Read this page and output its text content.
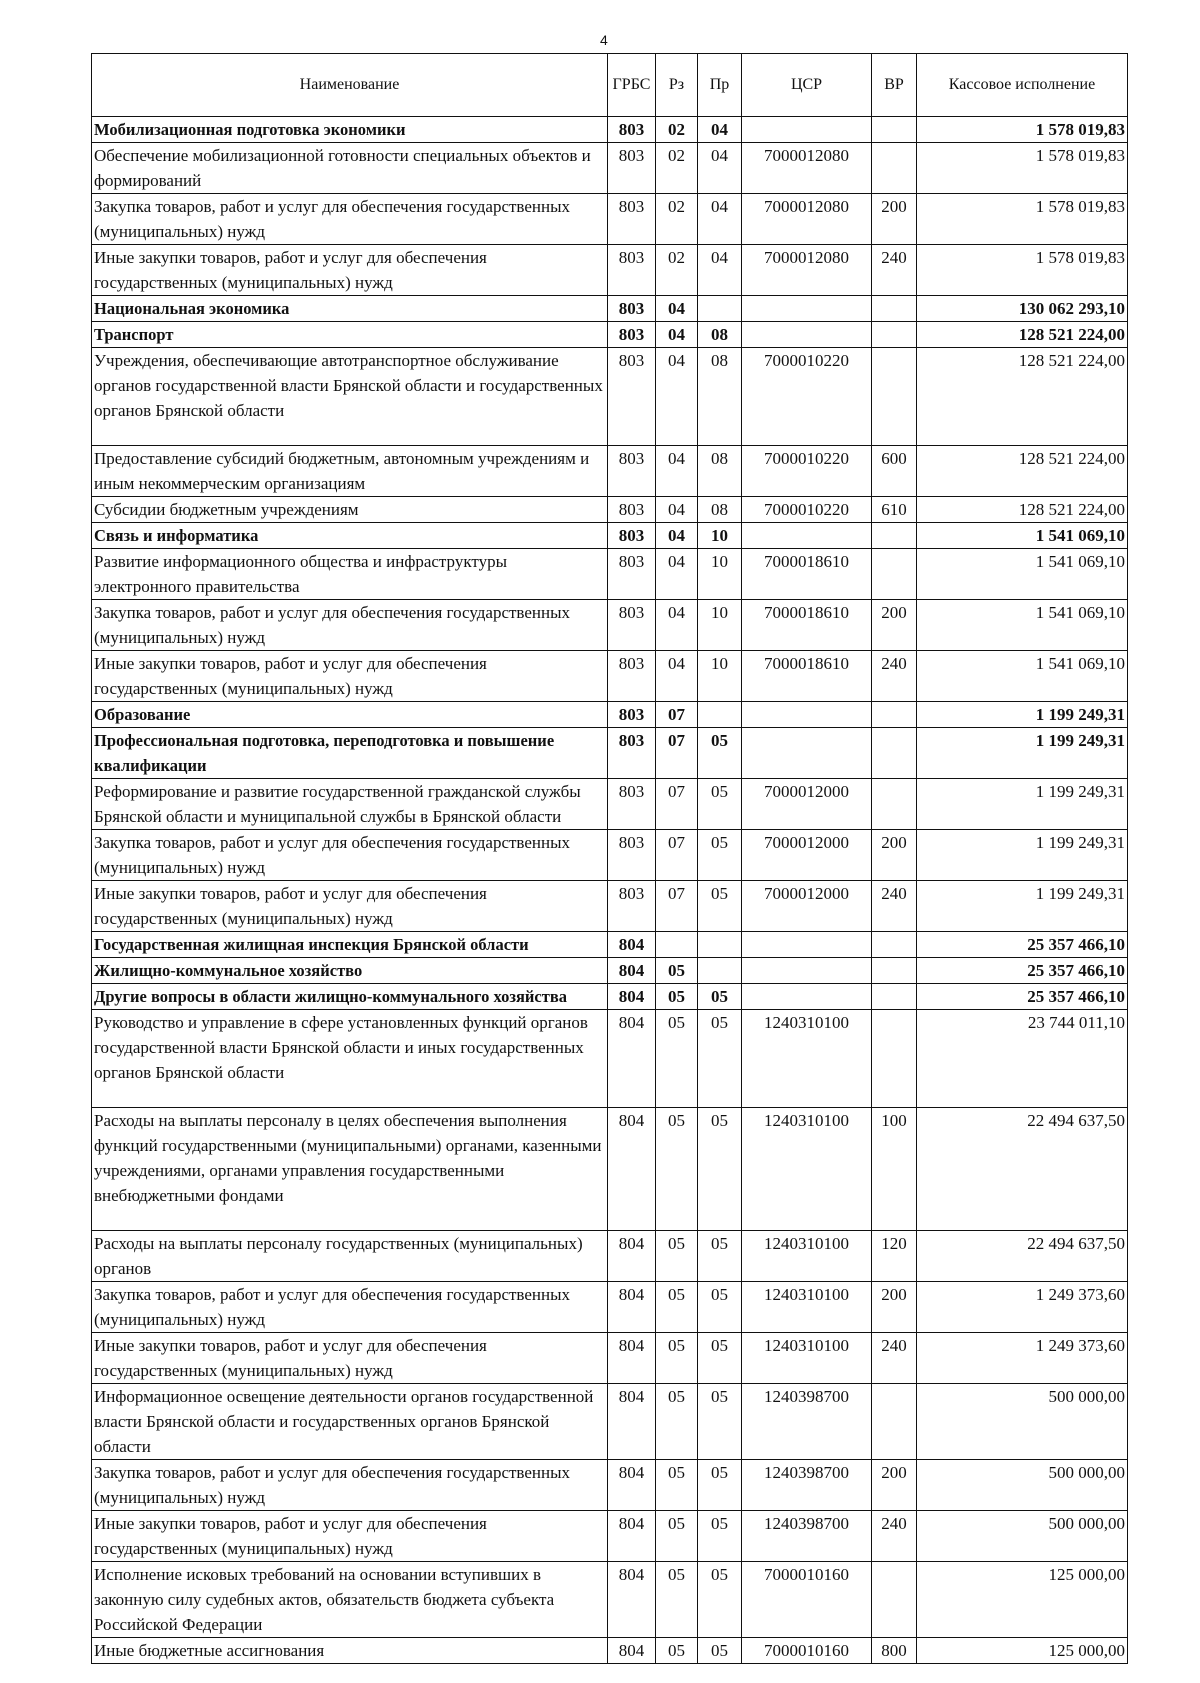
4
Наименование	ГРБС	Рз	Пр	ЦСР	ВР	Кассовое исполнение
Мобилизационная подготовка экономики	803	02	04			1 578 019,83
Обеспечение мобилизационной готовности специальных объектов и формирований	803	02	04	7000012080		1 578 019,83
Закупка товаров, работ и услуг для обеспечения государственных (муниципальных) нужд	803	02	04	7000012080	200	1 578 019,83
Иные закупки товаров, работ и услуг для обеспечения государственных (муниципальных) нужд	803	02	04	7000012080	240	1 578 019,83
Национальная экономика	803	04				130 062 293,10
Транспорт	803	04	08			128 521 224,00
Учреждения, обеспечивающие автотранспортное обслуживание органов государственной власти Брянской области и государственных органов Брянской области	803	04	08	7000010220		128 521 224,00
Предоставление субсидий бюджетным, автономным учреждениям и иным некоммерческим организациям	803	04	08	7000010220	600	128 521 224,00
Субсидии бюджетным учреждениям	803	04	08	7000010220	610	128 521 224,00
Связь и информатика	803	04	10			1 541 069,10
Развитие информационного общества и инфраструктуры электронного правительства	803	04	10	7000018610		1 541 069,10
Закупка товаров, работ и услуг для обеспечения государственных (муниципальных) нужд	803	04	10	7000018610	200	1 541 069,10
Иные закупки товаров, работ и услуг для обеспечения государственных (муниципальных) нужд	803	04	10	7000018610	240	1 541 069,10
Образование	803	07				1 199 249,31
Профессиональная подготовка, переподготовка и повышение квалификации	803	07	05			1 199 249,31
Реформирование и развитие государственной гражданской службы Брянской области и муниципальной службы в Брянской области	803	07	05	7000012000		1 199 249,31
Закупка товаров, работ и услуг для обеспечения государственных (муниципальных) нужд	803	07	05	7000012000	200	1 199 249,31
Иные закупки товаров, работ и услуг для обеспечения государственных (муниципальных) нужд	803	07	05	7000012000	240	1 199 249,31
Государственная жилищная инспекция Брянской области	804					25 357 466,10
Жилищно-коммунальное хозяйство	804	05				25 357 466,10
Другие вопросы в области жилищно-коммунального хозяйства	804	05	05			25 357 466,10
Руководство и управление в сфере установленных функций органов государственной власти Брянской области и иных государственных органов Брянской области	804	05	05	1240310100		23 744 011,10
Расходы на выплаты персоналу в целях обеспечения выполнения функций государственными (муниципальными) органами, казенными учреждениями, органами управления государственными внебюджетными фондами	804	05	05	1240310100	100	22 494 637,50
Расходы на выплаты персоналу государственных (муниципальных) органов	804	05	05	1240310100	120	22 494 637,50
Закупка товаров, работ и услуг для обеспечения государственных (муниципальных) нужд	804	05	05	1240310100	200	1 249 373,60
Иные закупки товаров, работ и услуг для обеспечения государственных (муниципальных) нужд	804	05	05	1240310100	240	1 249 373,60
Информационное освещение деятельности органов государственной власти Брянской области и государственных органов Брянской области	804	05	05	1240398700		500 000,00
Закупка товаров, работ и услуг для обеспечения государственных (муниципальных) нужд	804	05	05	1240398700	200	500 000,00
Иные закупки товаров, работ и услуг для обеспечения государственных (муниципальных) нужд	804	05	05	1240398700	240	500 000,00
Исполнение исковых требований на основании вступивших в законную силу судебных актов, обязательств бюджета субъекта Российской Федерации	804	05	05	7000010160		125 000,00
Иные бюджетные ассигнования	804	05	05	7000010160	800	125 000,00
